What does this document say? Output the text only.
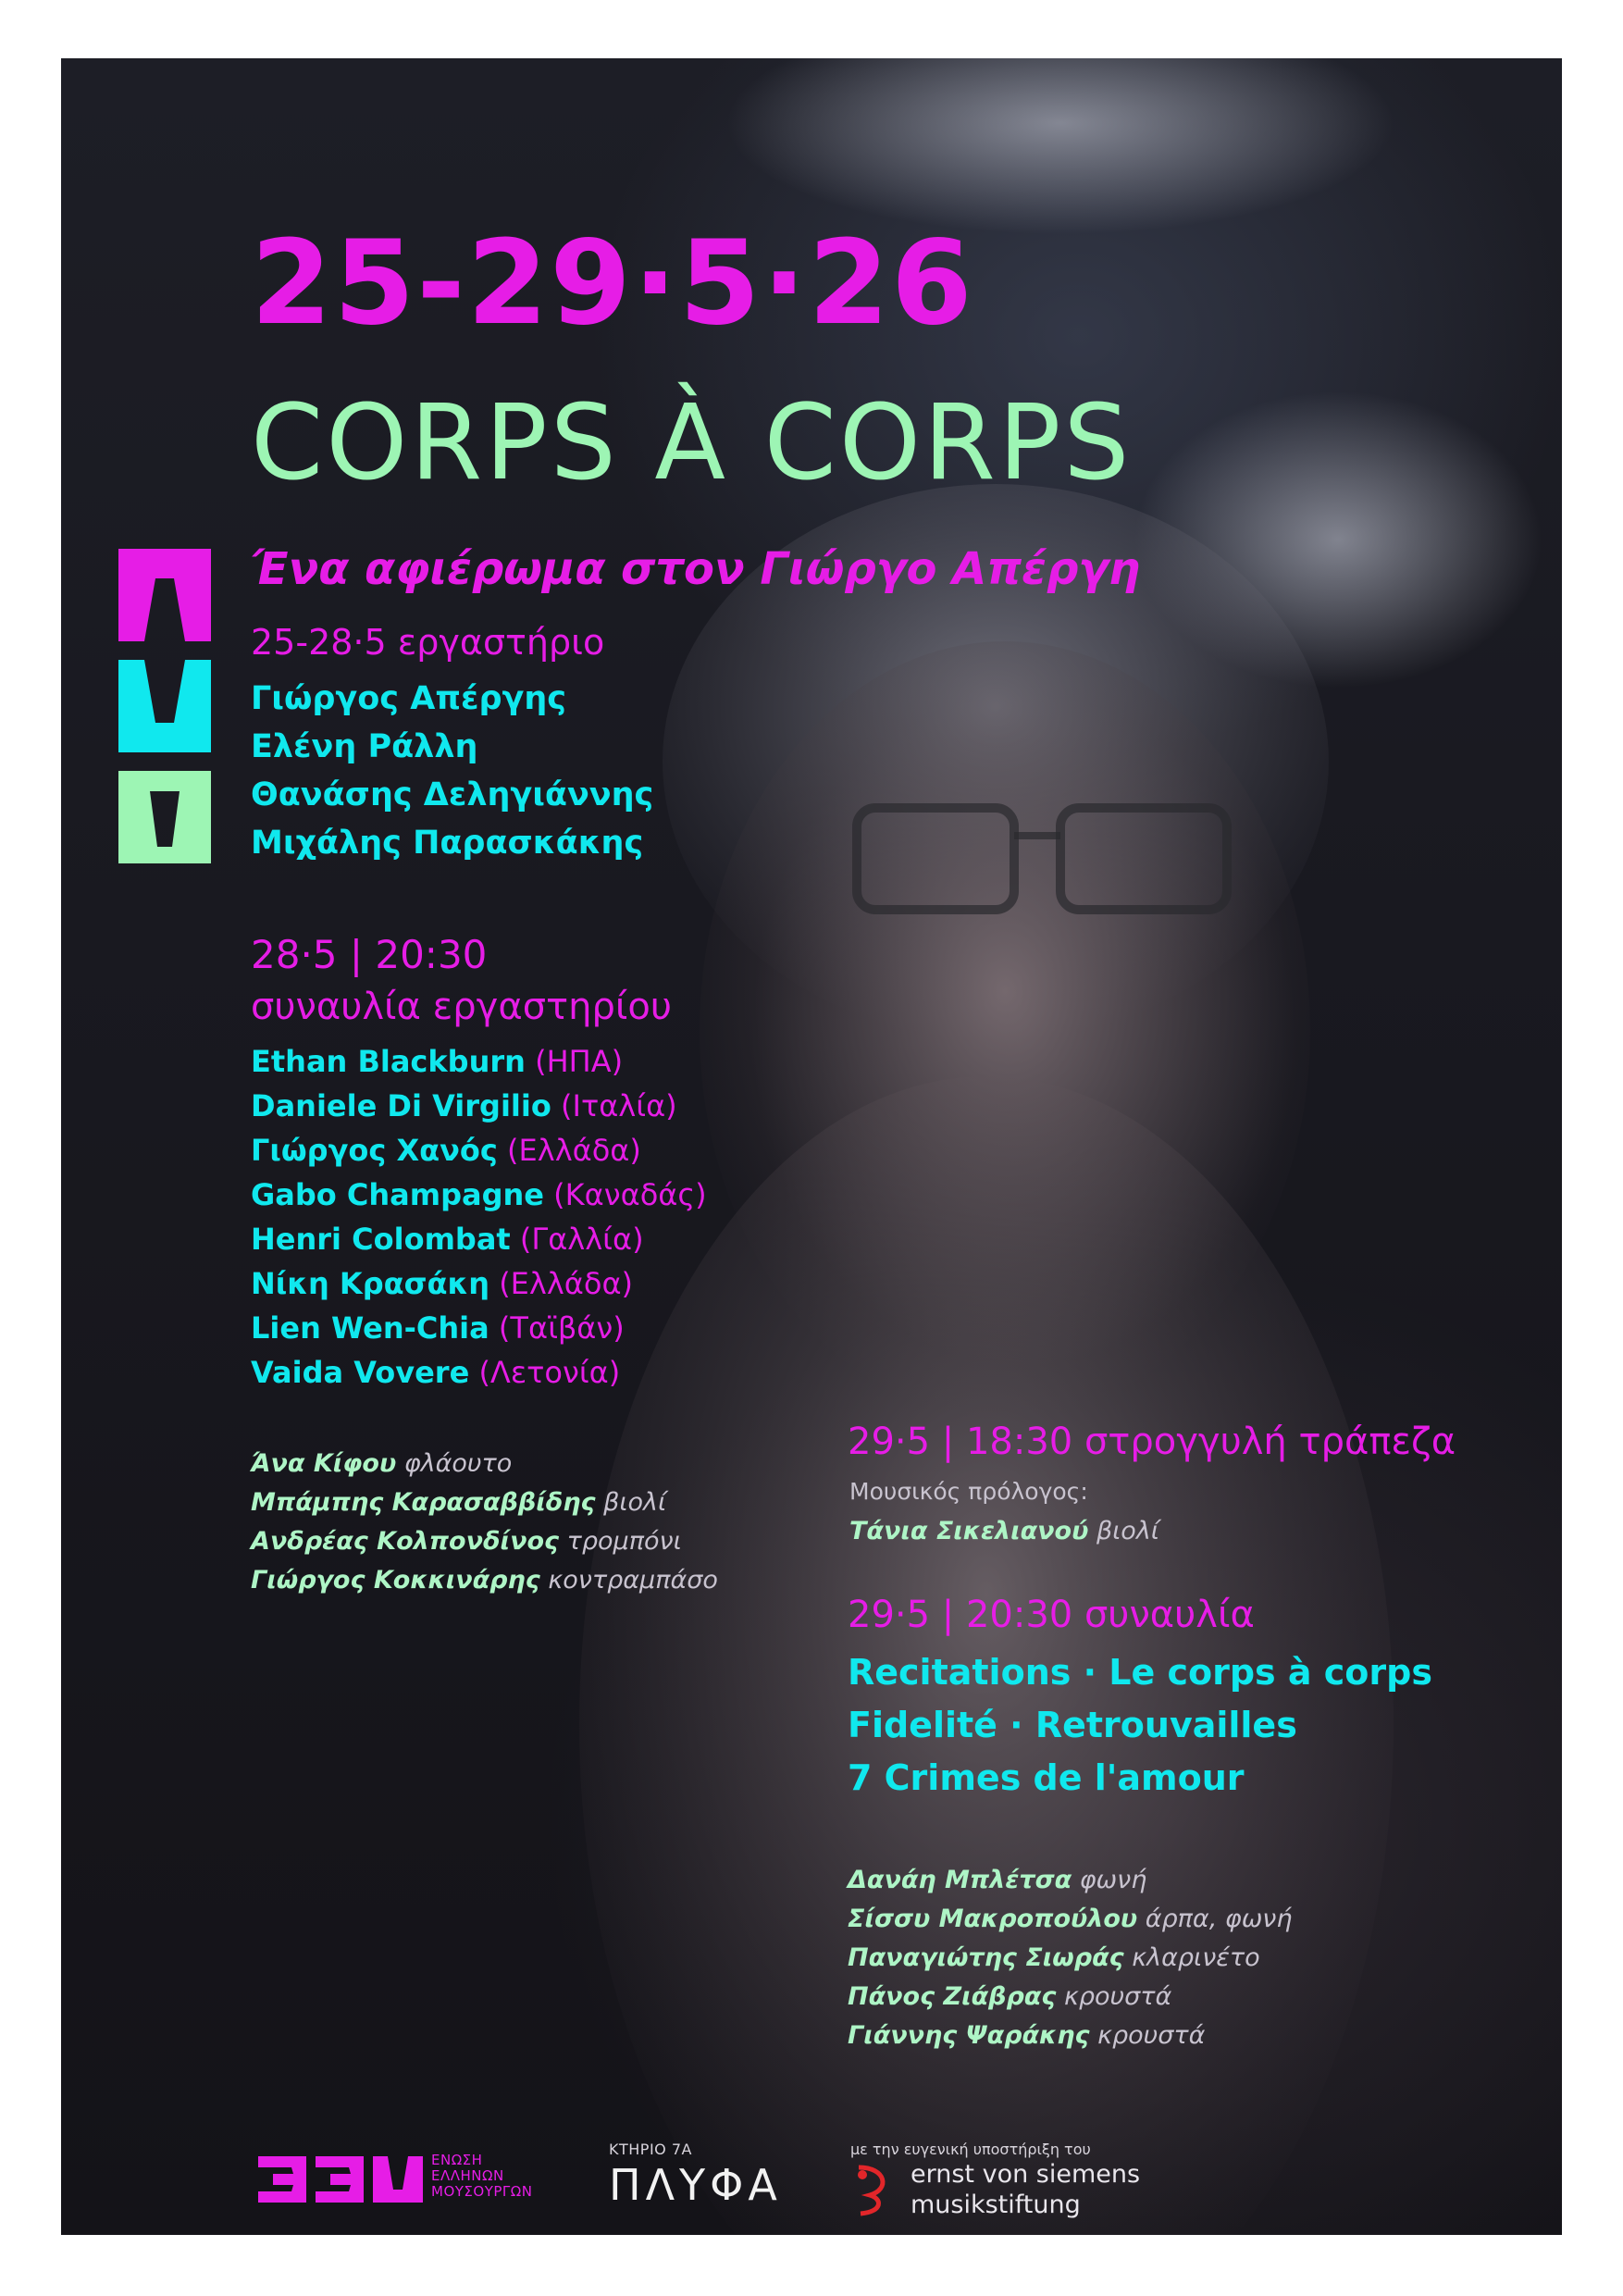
25-29·5·26
CORPS À CORPS
Ένα αφιέρωμα στον Γιώργο Απέργη
25-28·5 εργαστήριο
Γιώργος Απέργης
Ελένη Ράλλη
Θανάσης Δεληγιάννης
Μιχάλης Παρασκάκης
28·5 | 20:30
συναυλία εργαστηρίου
Ethan Blackburn (ΗΠΑ)
Daniele Di Virgilio (Ιταλία)
Γιώργος Χανός (Ελλάδα)
Gabo Champagne (Καναδάς)
Henri Colombat (Γαλλία)
Νίκη Κρασάκη (Ελλάδα)
Lien Wen-Chia (Ταϊβάν)
Vaida Vovere (Λετονία)
Άνα Κίφου φλάουτο
Μπάμπης Καρασαββίδης βιολί
Ανδρέας Κολπονδίνος τρομπόνι
Γιώργος Κοκκινάρης κοντραμπάσο
29·5 | 18:30 στρογγυλή τράπεζα
Μουσικός πρόλογος:
Τάνια Σικελιανού βιολί
29·5 | 20:30 συναυλία
Recitations · Le corps à corps
Fidelité · Retrouvailles
7 Crimes de l'amour
Δανάη Μπλέτσα φωνή
Σίσσυ Μακροπούλου άρπα, φωνή
Παναγιώτης Σιωράς κλαρινέτο
Πάνος Ζιάβρας κρουστά
Γιάννης Ψαράκης κρουστά
ΕΝΩΣΗ
ΕΛΛΗΝΩΝ
ΜΟΥΣΟΥΡΓΩΝ
ΚΤΗΡΙΟ 7Α
ΠΛΥΦΑ
με την ευγενική υποστήριξη του
ernst von siemens
musikstiftung
